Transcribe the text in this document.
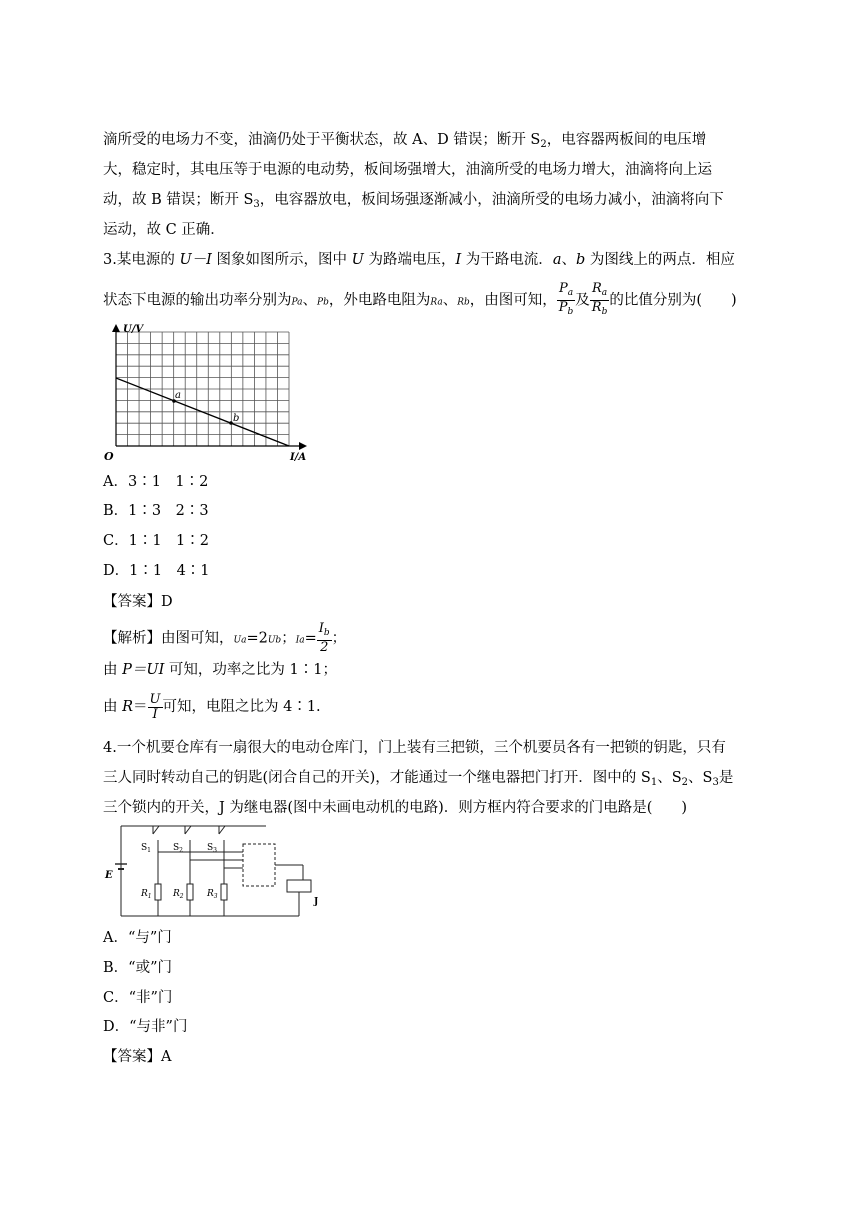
滴所受的电场力不变，油滴仍处于平衡状态，故 A、D 错误；断开 $S_2$，电容器两板间的电压增
大，稳定时，其电压等于电源的电动势，板间场强增大，油滴所受的电场力增大，油滴将向上运
动，故 B 错误；断开 $S_3$，电容器放电，板间场强逐渐减小，油滴所受的电场力减小，油滴将向下
运动，故 C 正确．
3.某电源的 U－I 图象如图所示，图中 U 为路端电压，I 为干路电流．a、b 为图线上的两点．相应
状态下电源的输出功率分别为Pa、Pb，外电路电阻为Ra、Rb，由图可知， $\frac{P_a}{P_b}$ 及 $\frac{R_a}{R_b}$ 的比值分别为(　　)
U/V
I/A
O
a
b
A．3∶1　1∶2
B．1∶3　2∶3
C．1∶1　1∶2
D．1∶1　4∶1
【答案】D
【解析】由图可知，Ua=2Ub；$Ia= \frac{I_b}{2}$ ；
由 P＝UI 可知，功率之比为 1∶1；
由 $R= \frac{U}{I}$ 可知，电阻之比为 4∶1.
4.一个机要仓库有一扇很大的电动仓库门，门上装有三把锁，三个机要员各有一把锁的钥匙，只有
三人同时转动自己的钥匙(闭合自己的开关)，才能通过一个继电器把门打开．图中的 $S_1$、$S_2$、$S_3$是
三个锁内的开关，J 为继电器(图中未画电动机的电路)．则方框内符合要求的门电路是(　　)
E
$S_1$ $S_2$	$S_3$
$R_1$ $R_2$	$R_3$
J
A．“与”门
B．“或”门
C．“非”门
D．“与非”门
【答案】A
